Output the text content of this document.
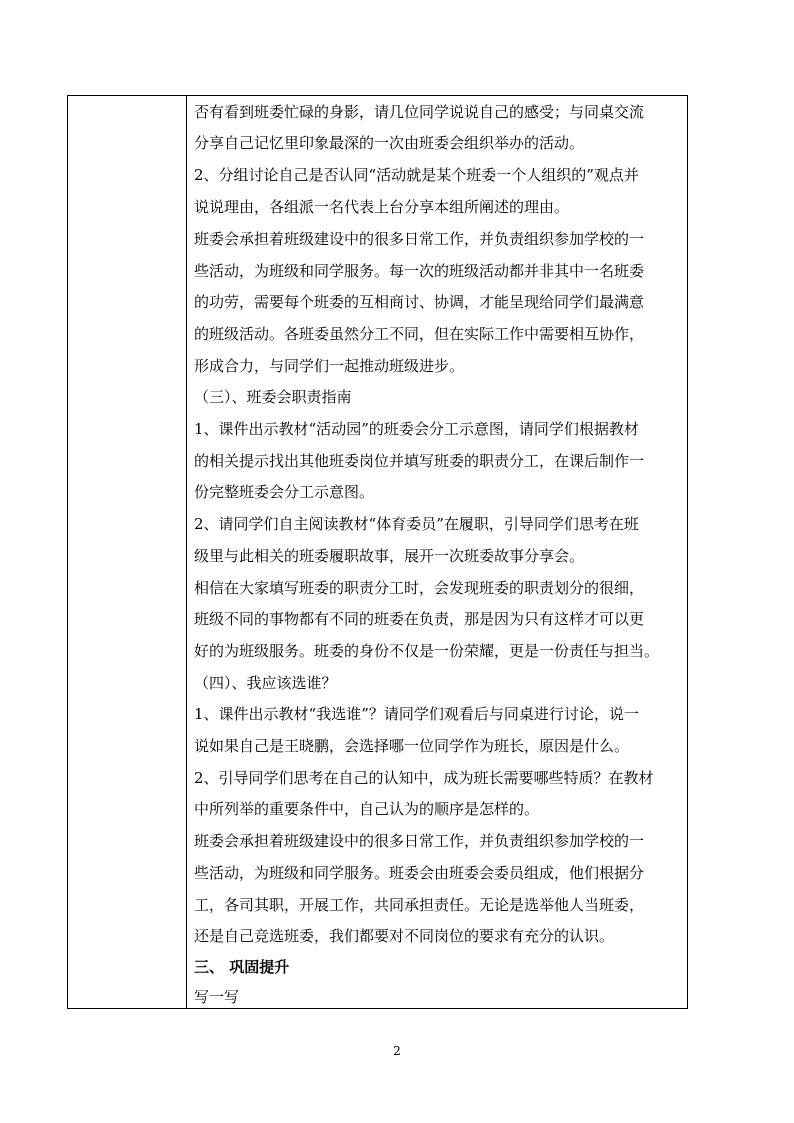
否有看到班委忙碌的身影，请几位同学说说自己的感受；与同桌交流
分享自己记忆里印象最深的一次由班委会组织举办的活动。
2、分组讨论自己是否认同“活动就是某个班委一个人组织的”观点并
说说理由，各组派一名代表上台分享本组所阐述的理由。
班委会承担着班级建设中的很多日常工作，并负责组织参加学校的一
些活动，为班级和同学服务。每一次的班级活动都并非其中一名班委
的功劳，需要每个班委的互相商讨、协调，才能呈现给同学们最满意
的班级活动。各班委虽然分工不同，但在实际工作中需要相互协作，
形成合力，与同学们一起推动班级进步。
（三）、班委会职责指南
1、课件出示教材“活动园”的班委会分工示意图，请同学们根据教材
的相关提示找出其他班委岗位并填写班委的职责分工，在课后制作一
份完整班委会分工示意图。
2、请同学们自主阅读教材“体育委员”在履职，引导同学们思考在班
级里与此相关的班委履职故事，展开一次班委故事分享会。
相信在大家填写班委的职责分工时，会发现班委的职责划分的很细，
班级不同的事物都有不同的班委在负责，那是因为只有这样才可以更
好的为班级服务。班委的身份不仅是一份荣耀，更是一份责任与担当。
（四）、我应该选谁？
1、课件出示教材“我选谁”？请同学们观看后与同桌进行讨论，说一
说如果自己是王晓鹏，会选择哪一位同学作为班长，原因是什么。
2、引导同学们思考在自己的认知中，成为班长需要哪些特质？在教材
中所列举的重要条件中，自己认为的顺序是怎样的。
班委会承担着班级建设中的很多日常工作，并负责组织参加学校的一
些活动，为班级和同学服务。班委会由班委会委员组成，他们根据分
工，各司其职，开展工作，共同承担责任。无论是选举他人当班委，
还是自己竞选班委，我们都要对不同岗位的要求有充分的认识。
三、 巩固提升
写一写
2
